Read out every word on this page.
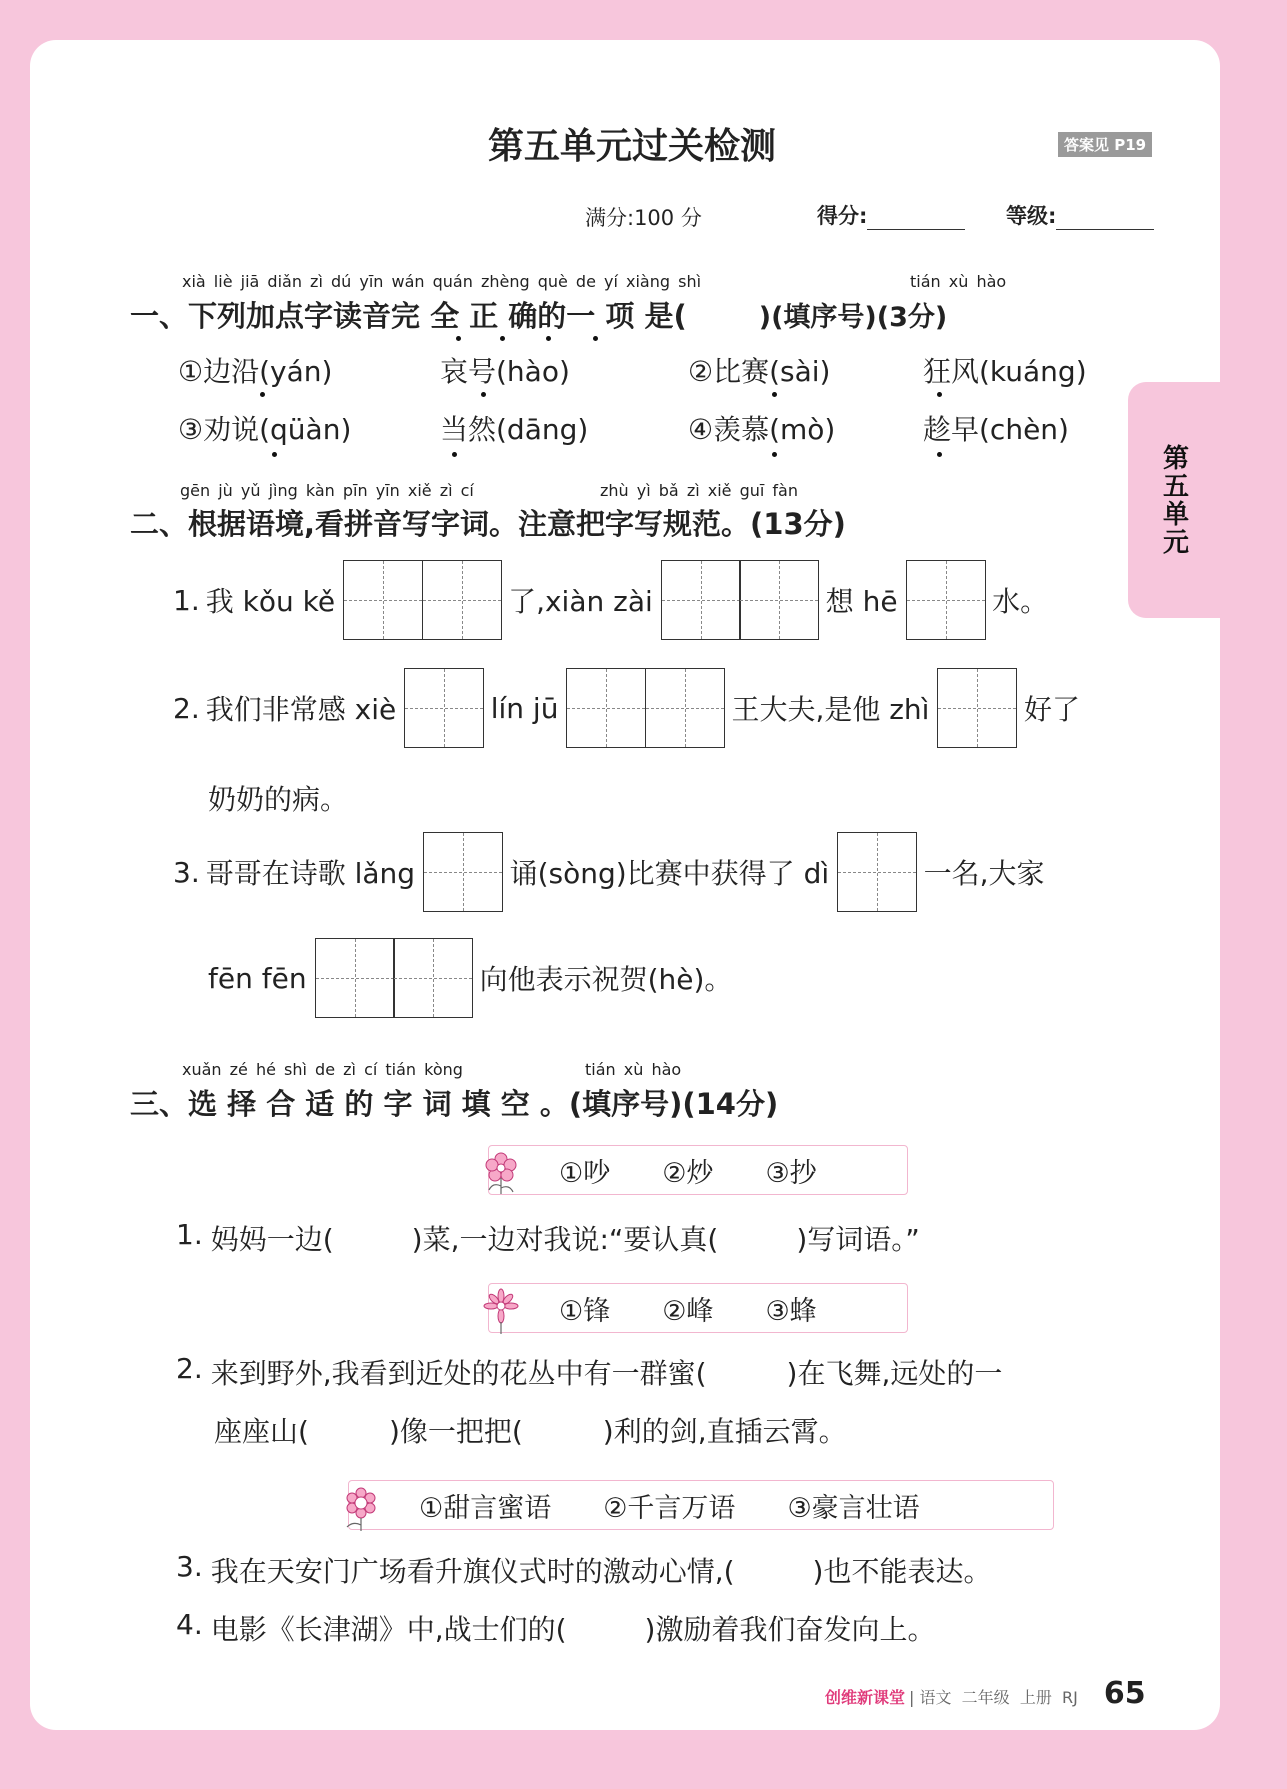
第五单元过关检测	答案见 P19
满分:100 分	得分:	等级:
第五单元
xià liè jiā diǎn zì dú yīn wán quán zhèng què de yí xiàng shì	tián xù hào
一、下列加点字读音完 全 正 确的一 项 是(	)(填序号)(3分)
①边沿(yán)	哀号(hào)	②比赛(sài)	狂风(kuáng)
③劝说(qüàn)	当然(dāng)	④羡慕(mò)	趁早(chèn)
gēn jù yǔ jìng kàn pīn yīn xiě zì cí	zhù yì bǎ zì xiě guī fàn
二、根据语境,看拼音写字词。注意把字写规范。(13分)
1. 我 kǒu kě	了,xiàn zài	想 hē	水。
2. 我们非常感 xiè	lín jū	王大夫,是他 zhì	好了
奶奶的病。
3. 哥哥在诗歌 lǎng	诵(sòng)比赛中获得了 dì	一名,大家
fēn fēn	向他表示祝贺(hè)。
xuǎn zé hé shì de zì cí tián kòng	tián xù hào
三、选 择 合 适 的 字 词 填 空 。(填序号)(14分)
①吵 ②炒 ③抄
1. 妈妈一边(	)菜,一边对我说:“要认真(	)写词语。”
①锋 ②峰 ③蜂
2. 来到野外,我看到近处的花丛中有一群蜜(	)在飞舞,远处的一
座座山(	)像一把把(	)利的剑,直插云霄。
①甜言蜜语 ②千言万语 ③豪言壮语
3. 我在天安门广场看升旗仪式时的激动心情,(	)也不能表达。
4. 电影《长津湖》中,战士们的(	)激励着我们奋发向上。
创维新课堂 | 语文  二年级  上册  RJ 65
